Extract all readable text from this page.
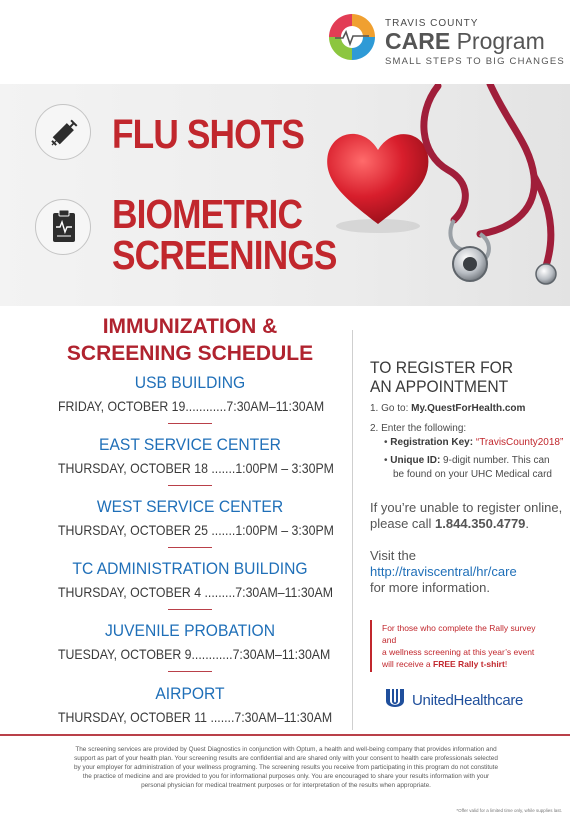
TRAVIS COUNTY
CARE Program
SMALL STEPS TO BIG CHANGES
FLU SHOTS
BIOMETRIC
SCREENINGS
IMMUNIZATION &
SCREENING SCHEDULE
USB BUILDING
FRIDAY, OCTOBER 19............7:30AM–11:30AM
EAST SERVICE CENTER
THURSDAY, OCTOBER 18 .......1:00PM – 3:30PM
WEST SERVICE CENTER
THURSDAY, OCTOBER 25 .......1:00PM – 3:30PM
TC ADMINISTRATION BUILDING
THURSDAY, OCTOBER 4 .........7:30AM–11:30AM
JUVENILE PROBATION
TUESDAY, OCTOBER 9............7:30AM–11:30AM
AIRPORT
THURSDAY, OCTOBER 11 .......7:30AM–11:30AM
TO REGISTER FOR
AN APPOINTMENT
1. Go to: My.QuestForHealth.com
2. Enter the following:
• Registration Key: “TravisCounty2018”
• Unique ID: 9-digit number. This can
be found on your UHC Medical card
If you’re unable to register online,
please call 1.844.350.4779.
Visit the
http://traviscentral/hr/care
for more information.
For those who complete the Rally survey and
a wellness screening at this year’s event
will receive a FREE Rally t-shirt!
UnitedHealthcare
The screening services are provided by Quest Diagnostics in conjunction with Optum, a health and well-being company that provides information and support as part of your health plan. Your screening results are confidential and are shared only with your consent to health care professionals selected by your employer for administration of your wellness programing. The screening results you receive from participating in this program do not constitute the practice of medicine and are provided to you for informational purposes only. You are encouraged to share your results information with your personal physician for medical treatment purposes or for interpretation of the results when appropriate.
*Offer valid for a limited time only, while supplies last.
